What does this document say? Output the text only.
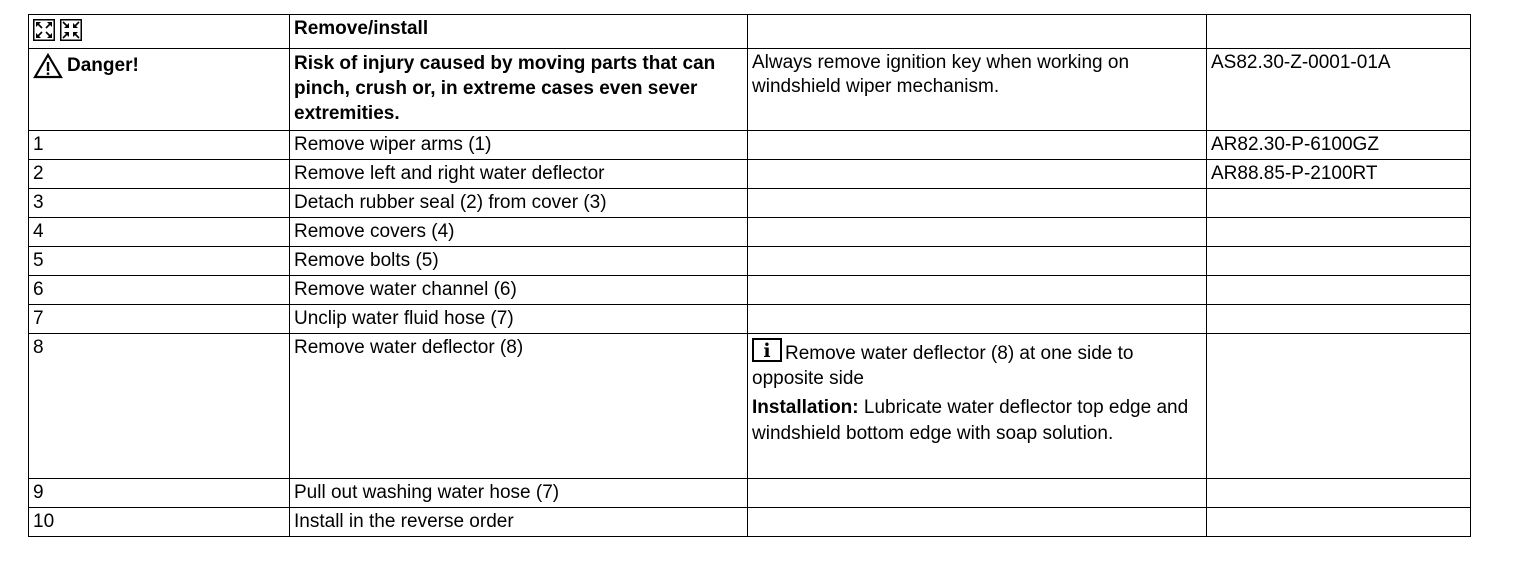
	Remove/install		

Danger!	Risk of injury caused by moving parts that can pinch, crush or, in extreme cases even sever extremities.	Always remove ignition key when working on windshield wiper mechanism.	AS82.30-Z-0001-01A
1	Remove wiper arms (1)		AR82.30-P-6100GZ
2	Remove left and right water deflector		AR88.85-P-2100RT
3	Detach rubber seal (2) from cover (3)		
4	Remove covers (4)		
5	Remove bolts (5)		
6	Remove water channel (6)		
7	Unclip water fluid hose (7)		
8	Remove water deflector (8)	i Remove water deflector (8) at one side to opposite side
Installation: Lubricate water deflector top edge and windshield bottom edge with soap solution.	

9	Pull out washing water hose (7)		
10	Install in the reverse order		
